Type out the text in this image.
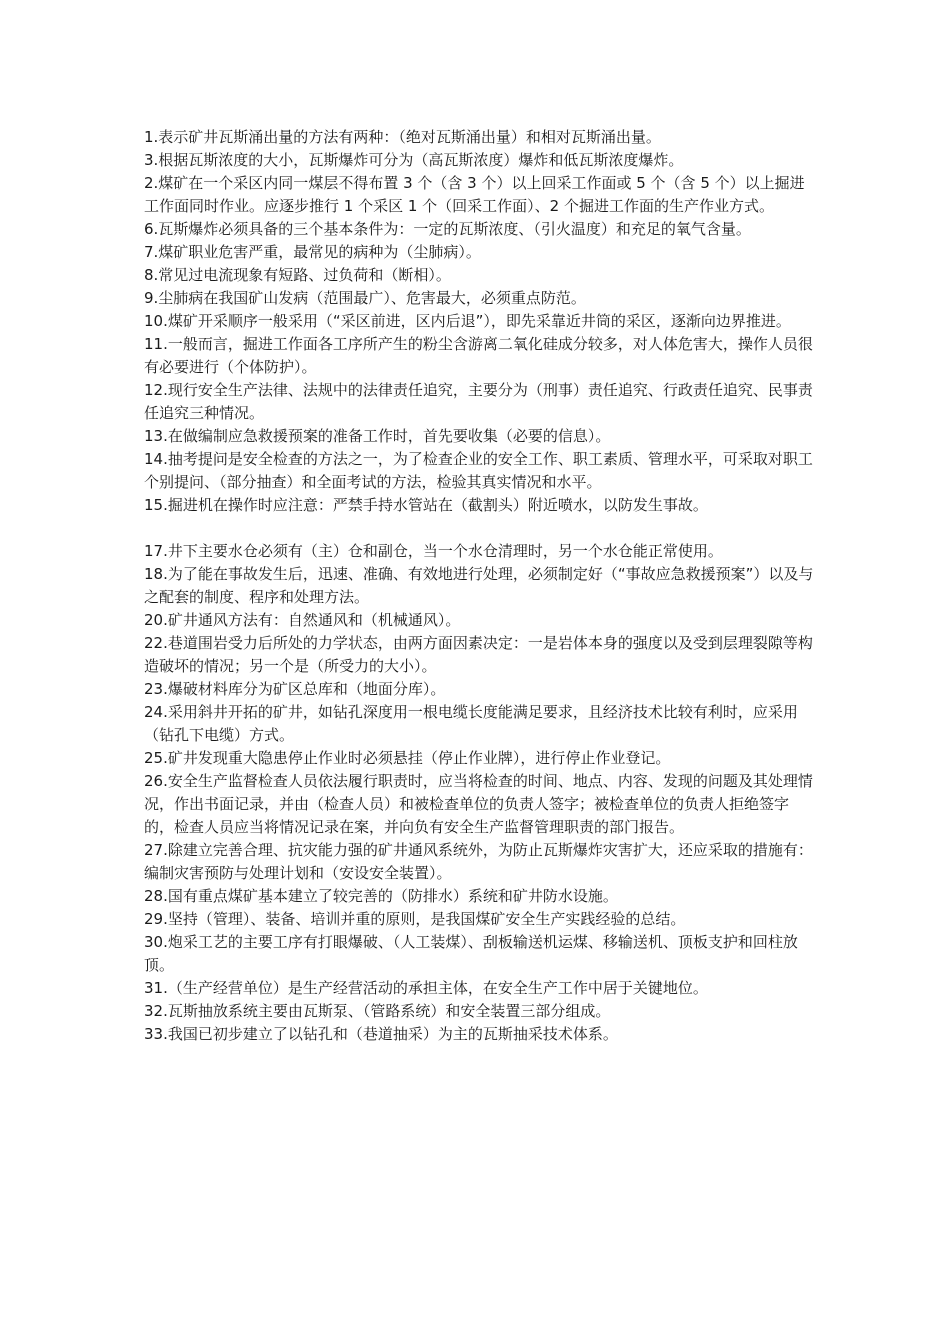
1.表示矿井瓦斯涌出量的方法有两种：（绝对瓦斯涌出量）和相对瓦斯涌出量。

3.根据瓦斯浓度的大小，瓦斯爆炸可分为（高瓦斯浓度）爆炸和低瓦斯浓度爆炸。

2.煤矿在一个采区内同一煤层不得布置 3 个（含 3 个）以上回采工作面或 5 个（含 5 个）以上掘进工作面同时作业。应逐步推行 1 个采区 1 个（回采工作面）、2 个掘进工作面的生产作业方式。

6.瓦斯爆炸必须具备的三个基本条件为：一定的瓦斯浓度、（引火温度）和充足的氧气含量。

7.煤矿职业危害严重，最常见的病种为（尘肺病）。

8.常见过电流现象有短路、过负荷和（断相）。

9.尘肺病在我国矿山发病（范围最广）、危害最大，必须重点防范。

10.煤矿开采顺序一般采用（“采区前进，区内后退”），即先采靠近井筒的采区，逐渐向边界推进。

11.一般而言，掘进工作面各工序所产生的粉尘含游离二氧化硅成分较多，对人体危害大，操作人员很有必要进行（个体防护）。

12.现行安全生产法律、法规中的法律责任追究，主要分为（刑事）责任追究、行政责任追究、民事责任追究三种情况。

13.在做编制应急救援预案的准备工作时，首先要收集（必要的信息）。

14.抽考提问是安全检查的方法之一，为了检查企业的安全工作、职工素质、管理水平，可采取对职工个别提问、（部分抽查）和全面考试的方法，检验其真实情况和水平。

15.掘进机在操作时应注意：严禁手持水管站在（截割头）附近喷水，以防发生事故。

17.井下主要水仓必须有（主）仓和副仓，当一个水仓清理时，另一个水仓能正常使用。

18.为了能在事故发生后，迅速、准确、有效地进行处理，必须制定好（“事故应急救援预案”）以及与之配套的制度、程序和处理方法。

20.矿井通风方法有：自然通风和（机械通风）。

22.巷道围岩受力后所处的力学状态，由两方面因素决定：一是岩体本身的强度以及受到层理裂隙等构造破坏的情况；另一个是（所受力的大小）。

23.爆破材料库分为矿区总库和（地面分库）。

24.采用斜井开拓的矿井，如钻孔深度用一根电缆长度能满足要求，且经济技术比较有利时，应采用（钻孔下电缆）方式。

25.矿井发现重大隐患停止作业时必须悬挂（停止作业牌），进行停止作业登记。

26.安全生产监督检查人员依法履行职责时，应当将检查的时间、地点、内容、发现的问题及其处理情况，作出书面记录，并由（检查人员）和被检查单位的负责人签字；被检查单位的负责人拒绝签字的，检查人员应当将情况记录在案，并向负有安全生产监督管理职责的部门报告。

27.除建立完善合理、抗灾能力强的矿井通风系统外，为防止瓦斯爆炸灾害扩大，还应采取的措施有：编制灾害预防与处理计划和（安设安全装置）。

28.国有重点煤矿基本建立了较完善的（防排水）系统和矿井防水设施。

29.坚持（管理）、装备、培训并重的原则，是我国煤矿安全生产实践经验的总结。

30.炮采工艺的主要工序有打眼爆破、（人工装煤）、刮板输送机运煤、移输送机、顶板支护和回柱放顶。

31.（生产经营单位）是生产经营活动的承担主体，在安全生产工作中居于关键地位。

32.瓦斯抽放系统主要由瓦斯泵、（管路系统）和安全装置三部分组成。

33.我国已初步建立了以钻孔和（巷道抽采）为主的瓦斯抽采技术体系。
